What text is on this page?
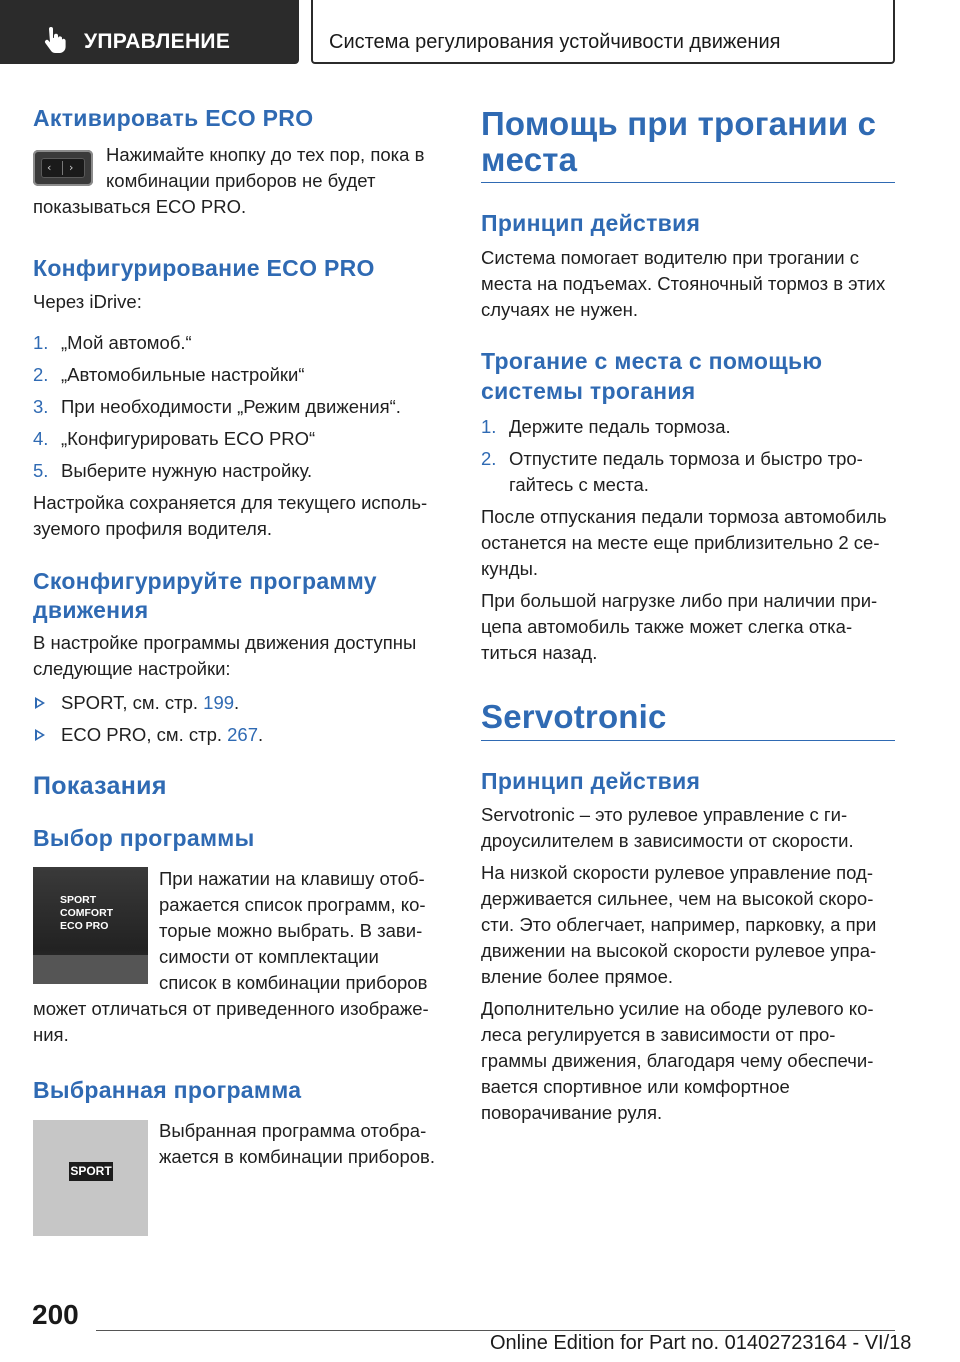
УПРАВЛЕНИЕ	Система регулирования устойчивости движения
Активировать ECO PRO
‹ ›
Нажимайте кнопку до тех пор, пока в
комбинации приборов не будет
показываться ECO PRO.
Конфигурирование ECO PRO
Через iDrive:
1. „Мой автомоб.“
2. „Автомобильные настройки“
3. При необходимости „Режим движения“.
4. „Конфигурировать ECO PRO“
5. Выберите нужную настройку.
Настройка сохраняется для текущего исполь-
зуемого профиля водителя.
Сконфигурируйте программу
движения
В настройке программы движения доступны
следующие настройки:
SPORT, см. стр. 199.
ECO PRO, см. стр. 267.
Показания
Выбор программы
SPORT
COMFORT
ECO PRO
При нажатии на клавишу отоб-
ражается список программ, ко-
торые можно выбрать. В зави-
симости от комплектации
список в комбинации приборов
может отличаться от приведенного изображе-
ния.
Выбранная программа
SPORT
Выбранная программа отобра-
жается в комбинации приборов.
Помощь при трогании с
места
Принцип действия
Система помогает водителю при трогании с
места на подъемах. Стояночный тормоз в этих
случаях не нужен.
Трогание с места с помощью
системы трогания
1. Держите педаль тормоза.
2. Отпустите педаль тормоза и быстро тро-
гайтесь с места.
После отпускания педали тормоза автомобиль
останется на месте еще приблизительно 2 се-
кунды.
При большой нагрузке либо при наличии при-
цепа автомобиль также может слегка отка-
титься назад.
Servotronic
Принцип действия
Servotronic – это рулевое управление с ги-
дроусилителем в зависимости от скорости.
На низкой скорости рулевое управление под-
держивается сильнее, чем на высокой скоро-
сти. Это облегчает, например, парковку, а при
движении на высокой скорости рулевое упра-
вление более прямое.
Дополнительно усилие на ободе рулевого ко-
леса регулируется в зависимости от про-
граммы движения, благодаря чему обеспечи-
вается спортивное или комфортное
поворачивание руля.
200
Online Edition for Part no. 01402723164 - VI/18
